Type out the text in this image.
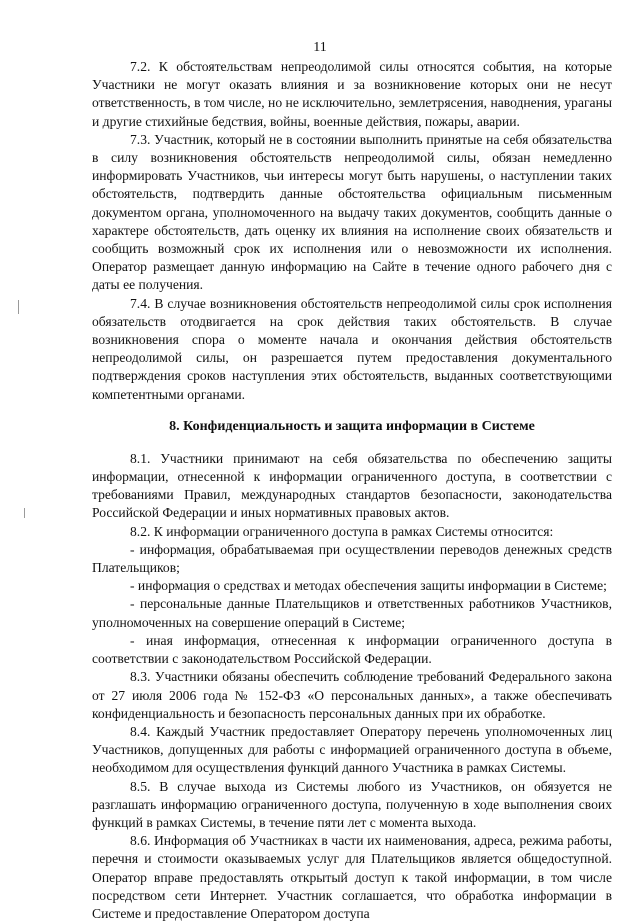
11

7.2. К обстоятельствам непреодолимой силы относятся события, на которые Участники не могут оказать влияния и за возникновение которых они не несут ответственность, в том числе, но не исключительно, землетрясения, наводнения, ураганы и другие стихийные бедствия, войны, военные действия, пожары, аварии.

7.3. Участник, который не в состоянии выполнить принятые на себя обязательства в силу возникновения обстоятельств непреодолимой силы, обязан немедленно информировать Участников, чьи интересы могут быть нарушены, о наступлении таких обстоятельств, подтвердить данные обстоятельства официальным письменным документом органа, уполномоченного на выдачу таких документов, сообщить данные о характере обстоятельств, дать оценку их влияния на исполнение своих обязательств и сообщить возможный срок их исполнения или о невозможности их исполнения. Оператор размещает данную информацию на Сайте в течение одного рабочего дня с даты ее получения.

7.4. В случае возникновения обстоятельств непреодолимой силы срок исполнения обязательств отодвигается на срок действия таких обстоятельств. В случае возникновения спора о моменте начала и окончания действия обстоятельств непреодолимой силы, он разрешается путем предоставления документального подтверждения сроков наступления этих обстоятельств, выданных соответствующими компетентными органами.

8. Конфиденциальность и защита информации в Системе

8.1. Участники принимают на себя обязательства по обеспечению защиты информации, отнесенной к информации ограниченного доступа, в соответствии с требованиями Правил, международных стандартов безопасности, законодательства Российской Федерации и иных нормативных правовых актов.

8.2. К информации ограниченного доступа в рамках Системы относится:

- информация, обрабатываемая при осуществлении переводов денежных средств Плательщиков;

- информация о средствах и методах обеспечения защиты информации в Системе;

- персональные данные Плательщиков и ответственных работников Участников, уполномоченных на совершение операций в Системе;

- иная информация, отнесенная к информации ограниченного доступа в соответствии с законодательством Российской Федерации.

8.3. Участники обязаны обеспечить соблюдение требований Федерального закона от 27 июля 2006 года № 152-ФЗ «О персональных данных», а также обеспечивать конфиденциальность и безопасность персональных данных при их обработке.

8.4. Каждый Участник предоставляет Оператору перечень уполномоченных лиц Участников, допущенных для работы с информацией ограниченного доступа в объеме, необходимом для осуществления функций данного Участника в рамках Системы.

8.5. В случае выхода из Системы любого из Участников, он обязуется не разглашать информацию ограниченного доступа, полученную в ходе выполнения своих функций в рамках Системы, в течение пяти лет с момента выхода.

8.6. Информация об Участниках в части их наименования, адреса, режима работы, перечня и стоимости оказываемых услуг для Плательщиков является общедоступной. Оператор вправе предоставлять открытый доступ к такой информации, в том числе посредством сети Интернет. Участник соглашается, что обработка информации в Системе и предоставление Оператором доступа
